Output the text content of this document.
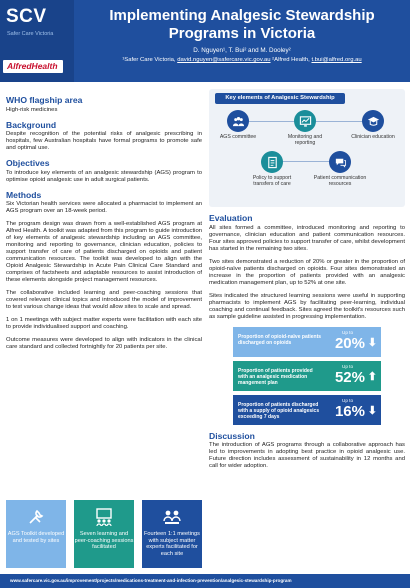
SCV
Safer Care Victoria
AlfredHealth
Implementing Analgesic Stewardship Programs in Victoria
D. Nguyen¹, T. Bui² and M. Dooley²
¹Safer Care Victoria, david.nguyen@safercare.vic.gov.au ²Alfred Health, t.bui@alfred.org.au
WHO flagship area

High-risk medicines

Background

Despite recognition of the potential risks of analgesic prescribing in hospitals, few Australian hospitals have formal programs to promote safe and optimal use.

Objectives

To introduce key elements of an analgesic stewardship (AGS) program to optimise opioid analgesic use in adult surgical patients.

Methods

Six Victorian health services were allocated a pharmacist to implement an AGS program over an 18-week period.

The program design was drawn from a well-established AGS program at Alfred Health. A toolkit was adapted from this program to guide introduction of key elements of analgesic stewardship including an AGS committee, monitoring and reporting to governance, clinician education, policies to support transfer of care of patients discharged on opioids and patient communication resources. The toolkit was developed to align with the Opioid Analgesic Stewardship in Acute Pain Clinical Care Standard and comprises of factsheets and adaptable resources to assist introduction of these elements alongside project management resources.

The collaborative included learning and peer-coaching sessions that covered relevant clinical topics and introduced the model of improvement to test various change ideas that would allow sites to scale and spread.

1 on 1 meetings with subject matter experts were facilitation with each site to provide individualised support and coaching.

Outcome measures were developed to align with indicators in the clinical care standard and collected fortnightly for 20 patients per site.

AGS Toolkit developed and tested by sites
Seven learning and peer-coaching sessions facilitated
Fourteen 1:1 meetings with subject matter experts facilitated for each site
Key elements of Analgesic Stewardship
AGS committee	Monitoring and reporting
Clinician education
Policy to support transfers of care
Patient communication resources
Evaluation

All sites formed a committee, introduced monitoring and reporting to governance, clinician education and patient communication resources. Four sites approved policies to support transfer of care, whilst development has started in the remaining two sites.

Two sites demonstrated a reduction of 20% or greater in the proportion of opioid-naïve patients discharged on opioids. Four sites demonstrated an increase in the proportion of patients provided with an analgesic medication management plan, up to 52% at one site.

Sites indicated the structured learning sessions were useful in supporting pharmacists to implement AGS by facilitating peer-learning, individual coaching and continual feedback. Sites agreed the toolkit's resources such as sample guideline assisted in progressing implementation.

Proportion of opioid-naïve patients discharged on opioids
Up to
20% ⬇
Proportion of patients provided with an analgesic medication mangement plan
Up to
52% ⬆
Proportion of patients discharged with a supply of opioid analgesics exceeding 7 days
Up to
16% ⬇
Discussion

The introduction of AGS programs through a collaborative approach has led to improvements in adopting best practice in opioid analgesic use. Future direction includes assessment of sustainability in 12 months and call for wider adoption.

www.safercare.vic.gov.au/improvement/projects/medications-treatment-and-infection-prevention/analgesic-stewardship-program
